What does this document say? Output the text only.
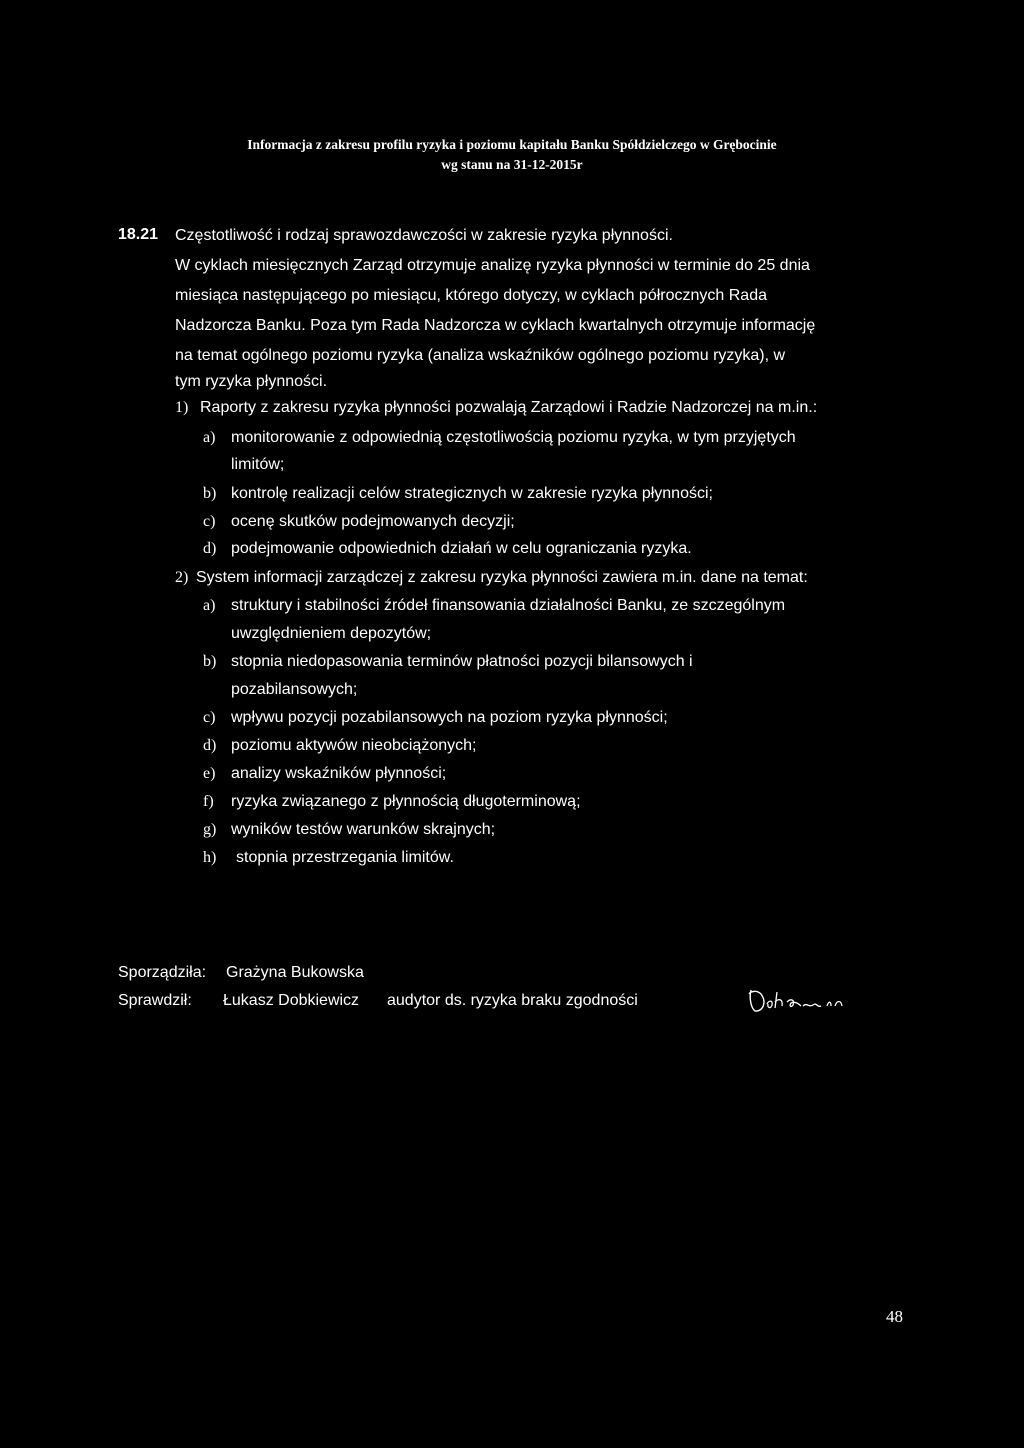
Informacja z zakresu profilu ryzyka i poziomu kapitału Banku Spółdzielczego w Grębocinie
wg stanu na 31-12-2015r
18.21 Częstotliwość i rodzaj sprawozdawczości w zakresie ryzyka płynności.
W cyklach miesięcznych Zarząd otrzymuje analizę ryzyka płynności w terminie do 25 dnia
miesiąca następującego po miesiącu, którego dotyczy, w cyklach półrocznych Rada
Nadzorcza Banku. Poza tym Rada Nadzorcza w cyklach kwartalnych otrzymuje informację
na temat ogólnego poziomu ryzyka (analiza wskaźników ogólnego poziomu ryzyka), w
tym ryzyka płynności.
1) Raporty z zakresu ryzyka płynności pozwalają Zarządowi i Radzie Nadzorczej na m.in.:
a) monitorowanie z odpowiednią częstotliwością poziomu ryzyka, w tym przyjętych
limitów;
b) kontrolę realizacji celów strategicznych w zakresie ryzyka płynności;
c) ocenę skutków podejmowanych decyzji;
d) podejmowanie odpowiednich działań w celu ograniczania ryzyka.
2) System informacji zarządczej z zakresu ryzyka płynności zawiera m.in. dane na temat:
a) struktury i stabilności źródeł finansowania działalności Banku, ze szczególnym
uwzględnieniem depozytów;
b) stopnia niedopasowania terminów płatności pozycji bilansowych i
pozabilansowych;
c) wpływu pozycji pozabilansowych na poziom ryzyka płynności;
d) poziomu aktywów nieobciążonych;
e) analizy wskaźników płynności;
f) ryzyka związanego z płynnością długoterminową;
g) wyników testów warunków skrajnych;
h) stopnia przestrzegania limitów.
Sporządziła: Grażyna Bukowska
Sprawdził: Łukasz Dobkiewicz audytor ds. ryzyka braku zgodności
48
